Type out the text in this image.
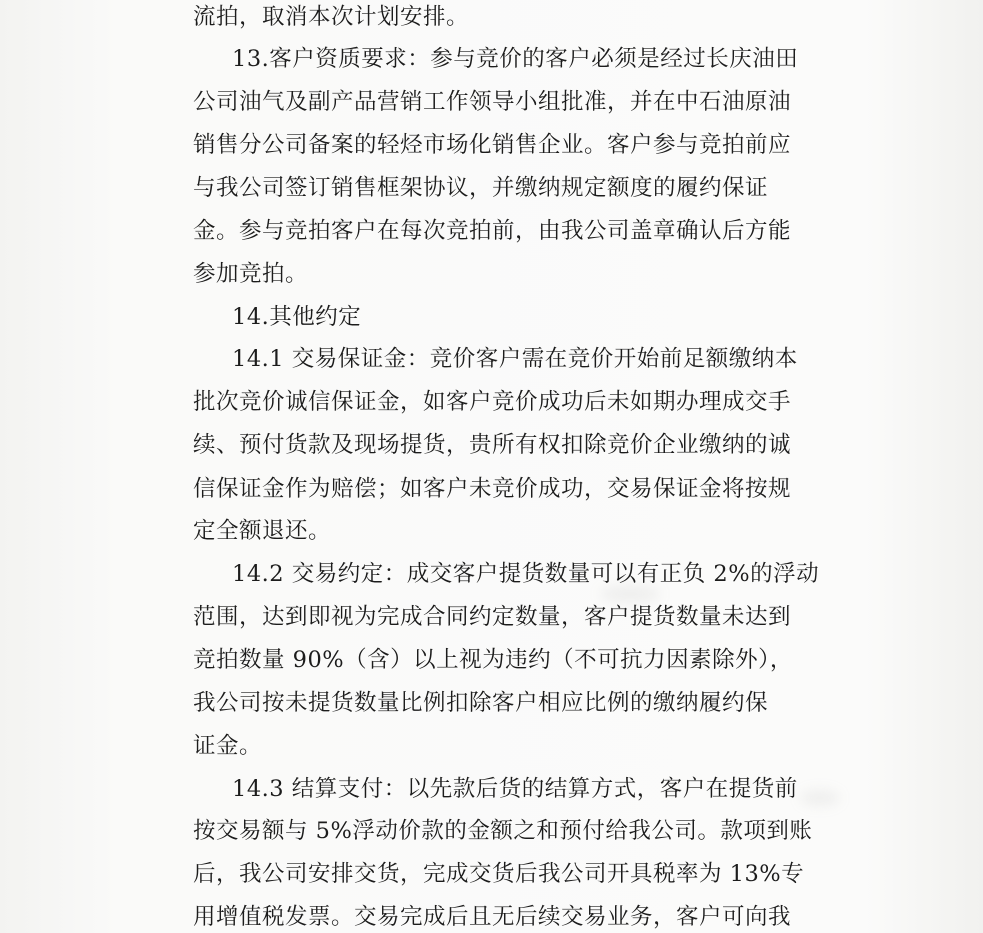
流拍，取消本次计划安排。

13.客户资质要求：参与竞价的客户必须是经过长庆油田

公司油气及副产品营销工作领导小组批准，并在中石油原油

销售分公司备案的轻烃市场化销售企业。客户参与竞拍前应

与我公司签订销售框架协议，并缴纳规定额度的履约保证

金。参与竞拍客户在每次竞拍前，由我公司盖章确认后方能

参加竞拍。

14.其他约定

14.1 交易保证金：竞价客户需在竞价开始前足额缴纳本

批次竞价诚信保证金，如客户竞价成功后未如期办理成交手

续、预付货款及现场提货，贵所有权扣除竞价企业缴纳的诚

信保证金作为赔偿；如客户未竞价成功，交易保证金将按规

定全额退还。

14.2 交易约定：成交客户提货数量可以有正负 2%的浮动

范围，达到即视为完成合同约定数量，客户提货数量未达到

竞拍数量 90%（含）以上视为违约（不可抗力因素除外），

我公司按未提货数量比例扣除客户相应比例的缴纳履约保

证金。

14.3 结算支付：以先款后货的结算方式，客户在提货前

按交易额与 5%浮动价款的金额之和预付给我公司。款项到账

后，我公司安排交货，完成交货后我公司开具税率为 13%专

用增值税发票。交易完成后且无后续交易业务，客户可向我
